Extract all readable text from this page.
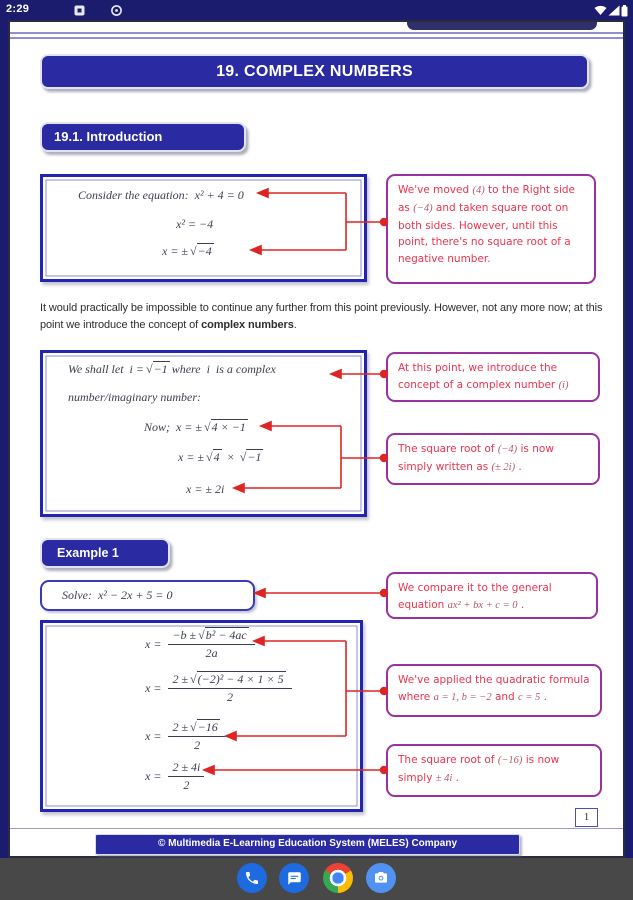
2:29
19. COMPLEX NUMBERS
19.1. Introduction
Consider the equation: x² + 4 = 0
x² = −4
x = ± √−4
We've moved (4) to the Right side as (−4) and taken square root on both sides. However, until this point, there's no square root of a negative number.
It would practically be impossible to continue any further from this point previously. However, not any more now; at this point we introduce the concept of complex numbers.
We shall let i = √−1 where i is a complex
number/imaginary number:
Now; x = ± √4 × −1
x = ± √4 × √−1
x = ± 2i
At this point, we introduce the concept of a complex number (i)
The square root of (−4) is now simply written as (± 2i) .
Example 1
Solve: x² − 2x + 5 = 0	We compare it to the general equation ax² + bx + c = 0 .
$x = \frac{\text{−b ± √b² − 4ac}}{2a}$
$x = \frac{\text{2 ± √(−2)² − 4 × 1 × 5}}{2}$
$x = \frac{2 \pm √-16}{2}$
$x = \frac{2 \pm 4i}{2}$
We've applied the quadratic formula where a = 1, b = −2 and c = 5 .
The square root of (−16) is now simply ± 4i .
1
© Multimedia E-Learning Education System (MELES) Company
